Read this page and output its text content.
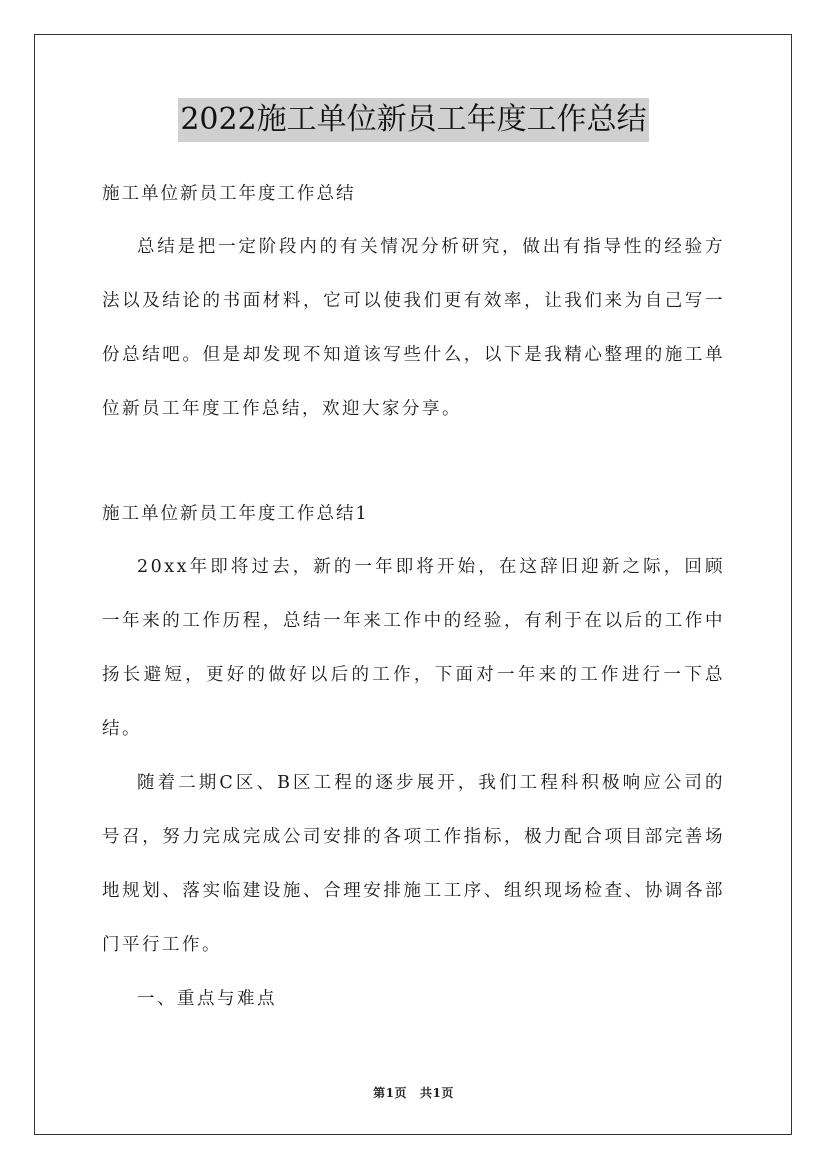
2022施工单位新员工年度工作总结
施工单位新员工年度工作总结

总结是把一定阶段内的有关情况分析研究，做出有指导性的经验方法以及结论的书面材料，它可以使我们更有效率，让我们来为自己写一份总结吧。但是却发现不知道该写些什么，以下是我精心整理的施工单位新员工年度工作总结，欢迎大家分享。

施工单位新员工年度工作总结1

20xx年即将过去，新的一年即将开始，在这辞旧迎新之际，回顾一年来的工作历程，总结一年来工作中的经验，有利于在以后的工作中扬长避短，更好的做好以后的工作，下面对一年来的工作进行一下总结。

随着二期C区、B区工程的逐步展开，我们工程科积极响应公司的号召，努力完成完成公司安排的各项工作指标，极力配合项目部完善场地规划、落实临建设施、合理安排施工工序、组织现场检查、协调各部门平行工作。

一、重点与难点
第1页 共1页
